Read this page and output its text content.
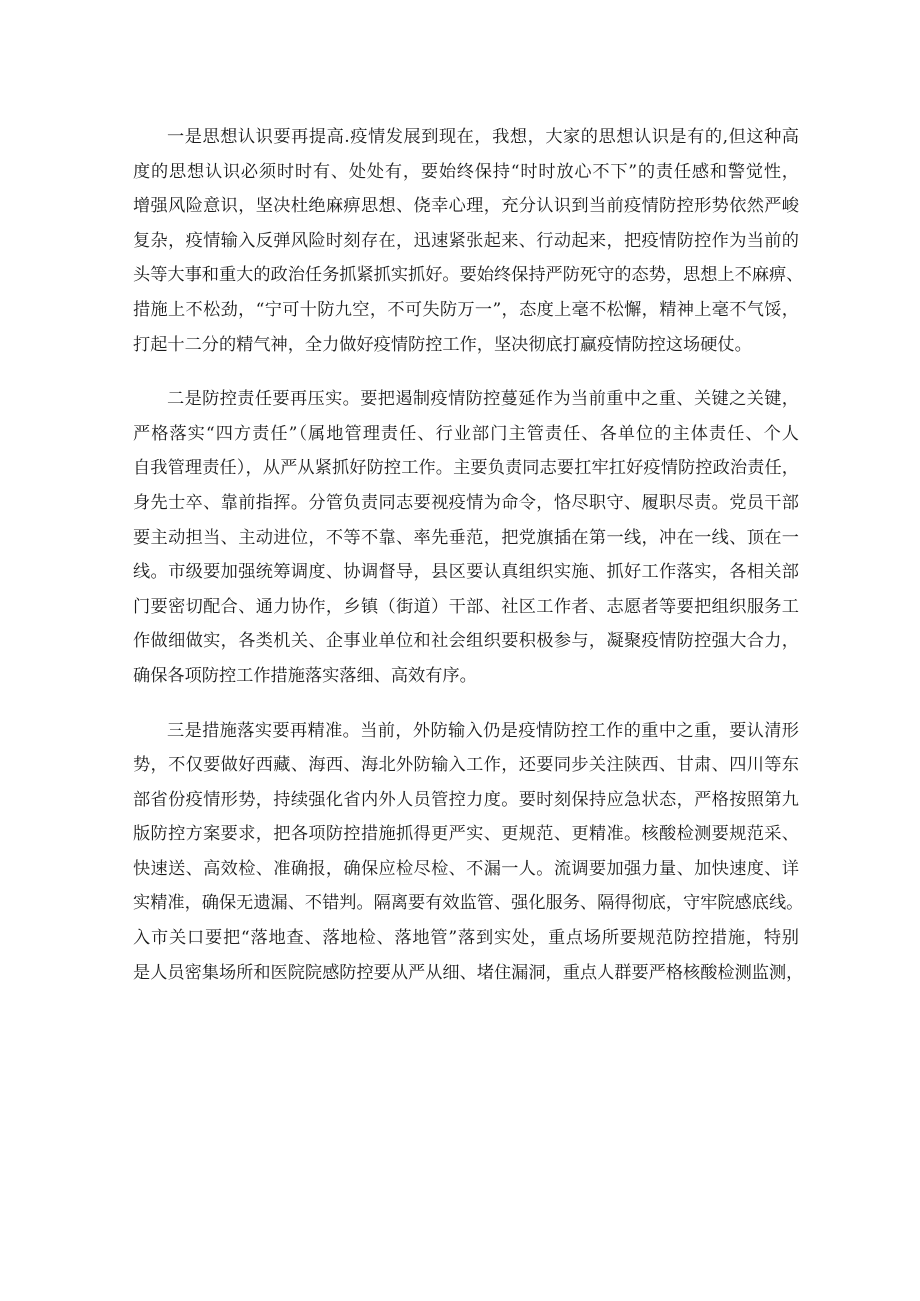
一是思想认识要再提高.疫情发展到现在，我想，大家的思想认识是有的,但这种高
度的思想认识必须时时有、处处有，要始终保持“时时放心不下”的责任感和警觉性，
增强风险意识，坚决杜绝麻痹思想、侥幸心理，充分认识到当前疫情防控形势依然严峻
复杂，疫情输入反弹风险时刻存在，迅速紧张起来、行动起来，把疫情防控作为当前的
头等大事和重大的政治任务抓紧抓实抓好。要始终保持严防死守的态势，思想上不麻痹、
措施上不松劲，“宁可十防九空，不可失防万一”，态度上毫不松懈，精神上毫不气馁，
打起十二分的精气神，全力做好疫情防控工作，坚决彻底打赢疫情防控这场硬仗。

二是防控责任要再压实。要把遏制疫情防控蔓延作为当前重中之重、关键之关键，
严格落实“四方责任”（属地管理责任、行业部门主管责任、各单位的主体责任、个人
自我管理责任），从严从紧抓好防控工作。主要负责同志要扛牢扛好疫情防控政治责任，
身先士卒、靠前指挥。分管负责同志要视疫情为命令，恪尽职守、履职尽责。党员干部
要主动担当、主动进位，不等不靠、率先垂范，把党旗插在第一线，冲在一线、顶在一
线。市级要加强统筹调度、协调督导，县区要认真组织实施、抓好工作落实，各相关部
门要密切配合、通力协作，乡镇（街道）干部、社区工作者、志愿者等要把组织服务工
作做细做实，各类机关、企事业单位和社会组织要积极参与，凝聚疫情防控强大合力，
确保各项防控工作措施落实落细、高效有序。

三是措施落实要再精准。当前，外防输入仍是疫情防控工作的重中之重，要认清形
势，不仅要做好西藏、海西、海北外防输入工作，还要同步关注陕西、甘肃、四川等东
部省份疫情形势，持续强化省内外人员管控力度。要时刻保持应急状态，严格按照第九
版防控方案要求，把各项防控措施抓得更严实、更规范、更精准。核酸检测要规范采、
快速送、高效检、准确报，确保应检尽检、不漏一人。流调要加强力量、加快速度、详
实精准，确保无遗漏、不错判。隔离要有效监管、强化服务、隔得彻底，守牢院感底线。
入市关口要把“落地查、落地检、落地管”落到实处，重点场所要规范防控措施，特别
是人员密集场所和医院院感防控要从严从细、堵住漏洞，重点人群要严格核酸检测监测，
